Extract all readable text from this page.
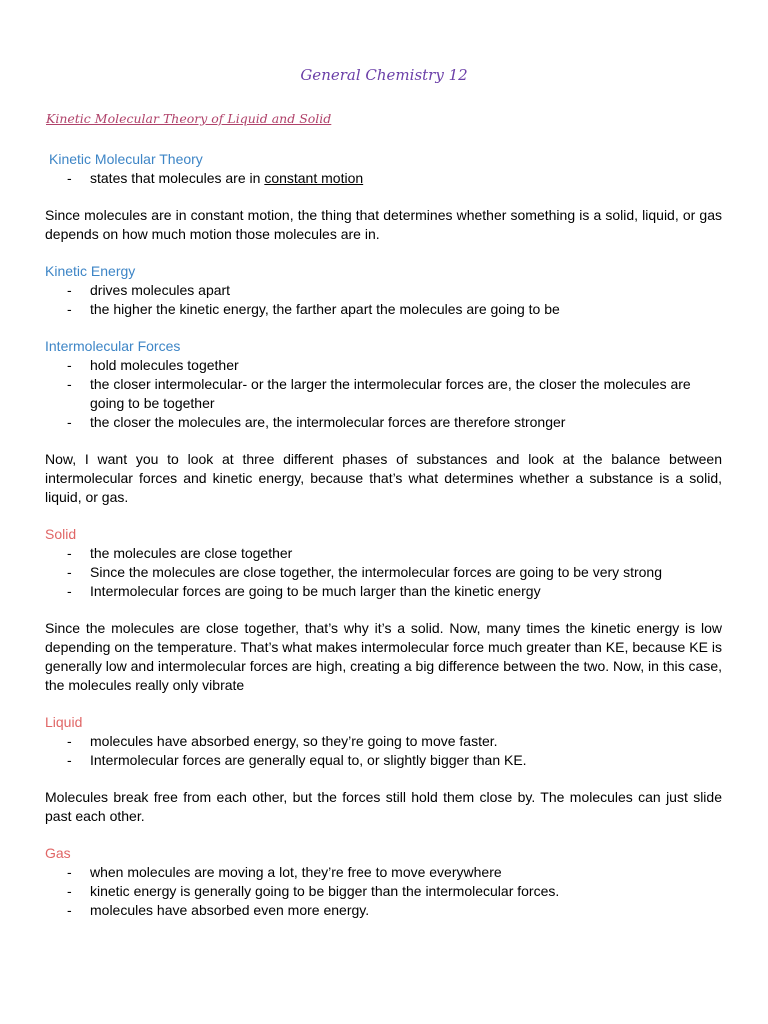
General Chemistry 12
Kinetic Molecular Theory of Liquid and Solid

Kinetic Molecular Theory

- states that molecules are in constant motion

Since molecules are in constant motion, the thing that determines whether something is a solid, liquid, or gas depends on how much motion those molecules are in.

Kinetic Energy

- drives molecules apart
- the higher the kinetic energy, the farther apart the molecules are going to be

Intermolecular Forces

- hold molecules together
- the closer intermolecular- or the larger the intermolecular forces are, the closer the molecules are going to be together
- the closer the molecules are, the intermolecular forces are therefore stronger

Now, I want you to look at three different phases of substances and look at the balance between intermolecular forces and kinetic energy, because that’s what determines whether a substance is a solid, liquid, or gas.

Solid

- the molecules are close together
- Since the molecules are close together, the intermolecular forces are going to be very strong
- Intermolecular forces are going to be much larger than the kinetic energy

Since the molecules are close together, that’s why it’s a solid. Now, many times the kinetic energy is low depending on the temperature. That’s what makes intermolecular force much greater than KE, because KE is generally low and intermolecular forces are high, creating a big difference between the two. Now, in this case, the molecules really only vibrate

Liquid

- molecules have absorbed energy, so they’re going to move faster.
- Intermolecular forces are generally equal to, or slightly bigger than KE.

Molecules break free from each other, but the forces still hold them close by. The molecules can just slide past each other.

Gas

- when molecules are moving a lot, they’re free to move everywhere
- kinetic energy is generally going to be bigger than the intermolecular forces.
- molecules have absorbed even more energy.
